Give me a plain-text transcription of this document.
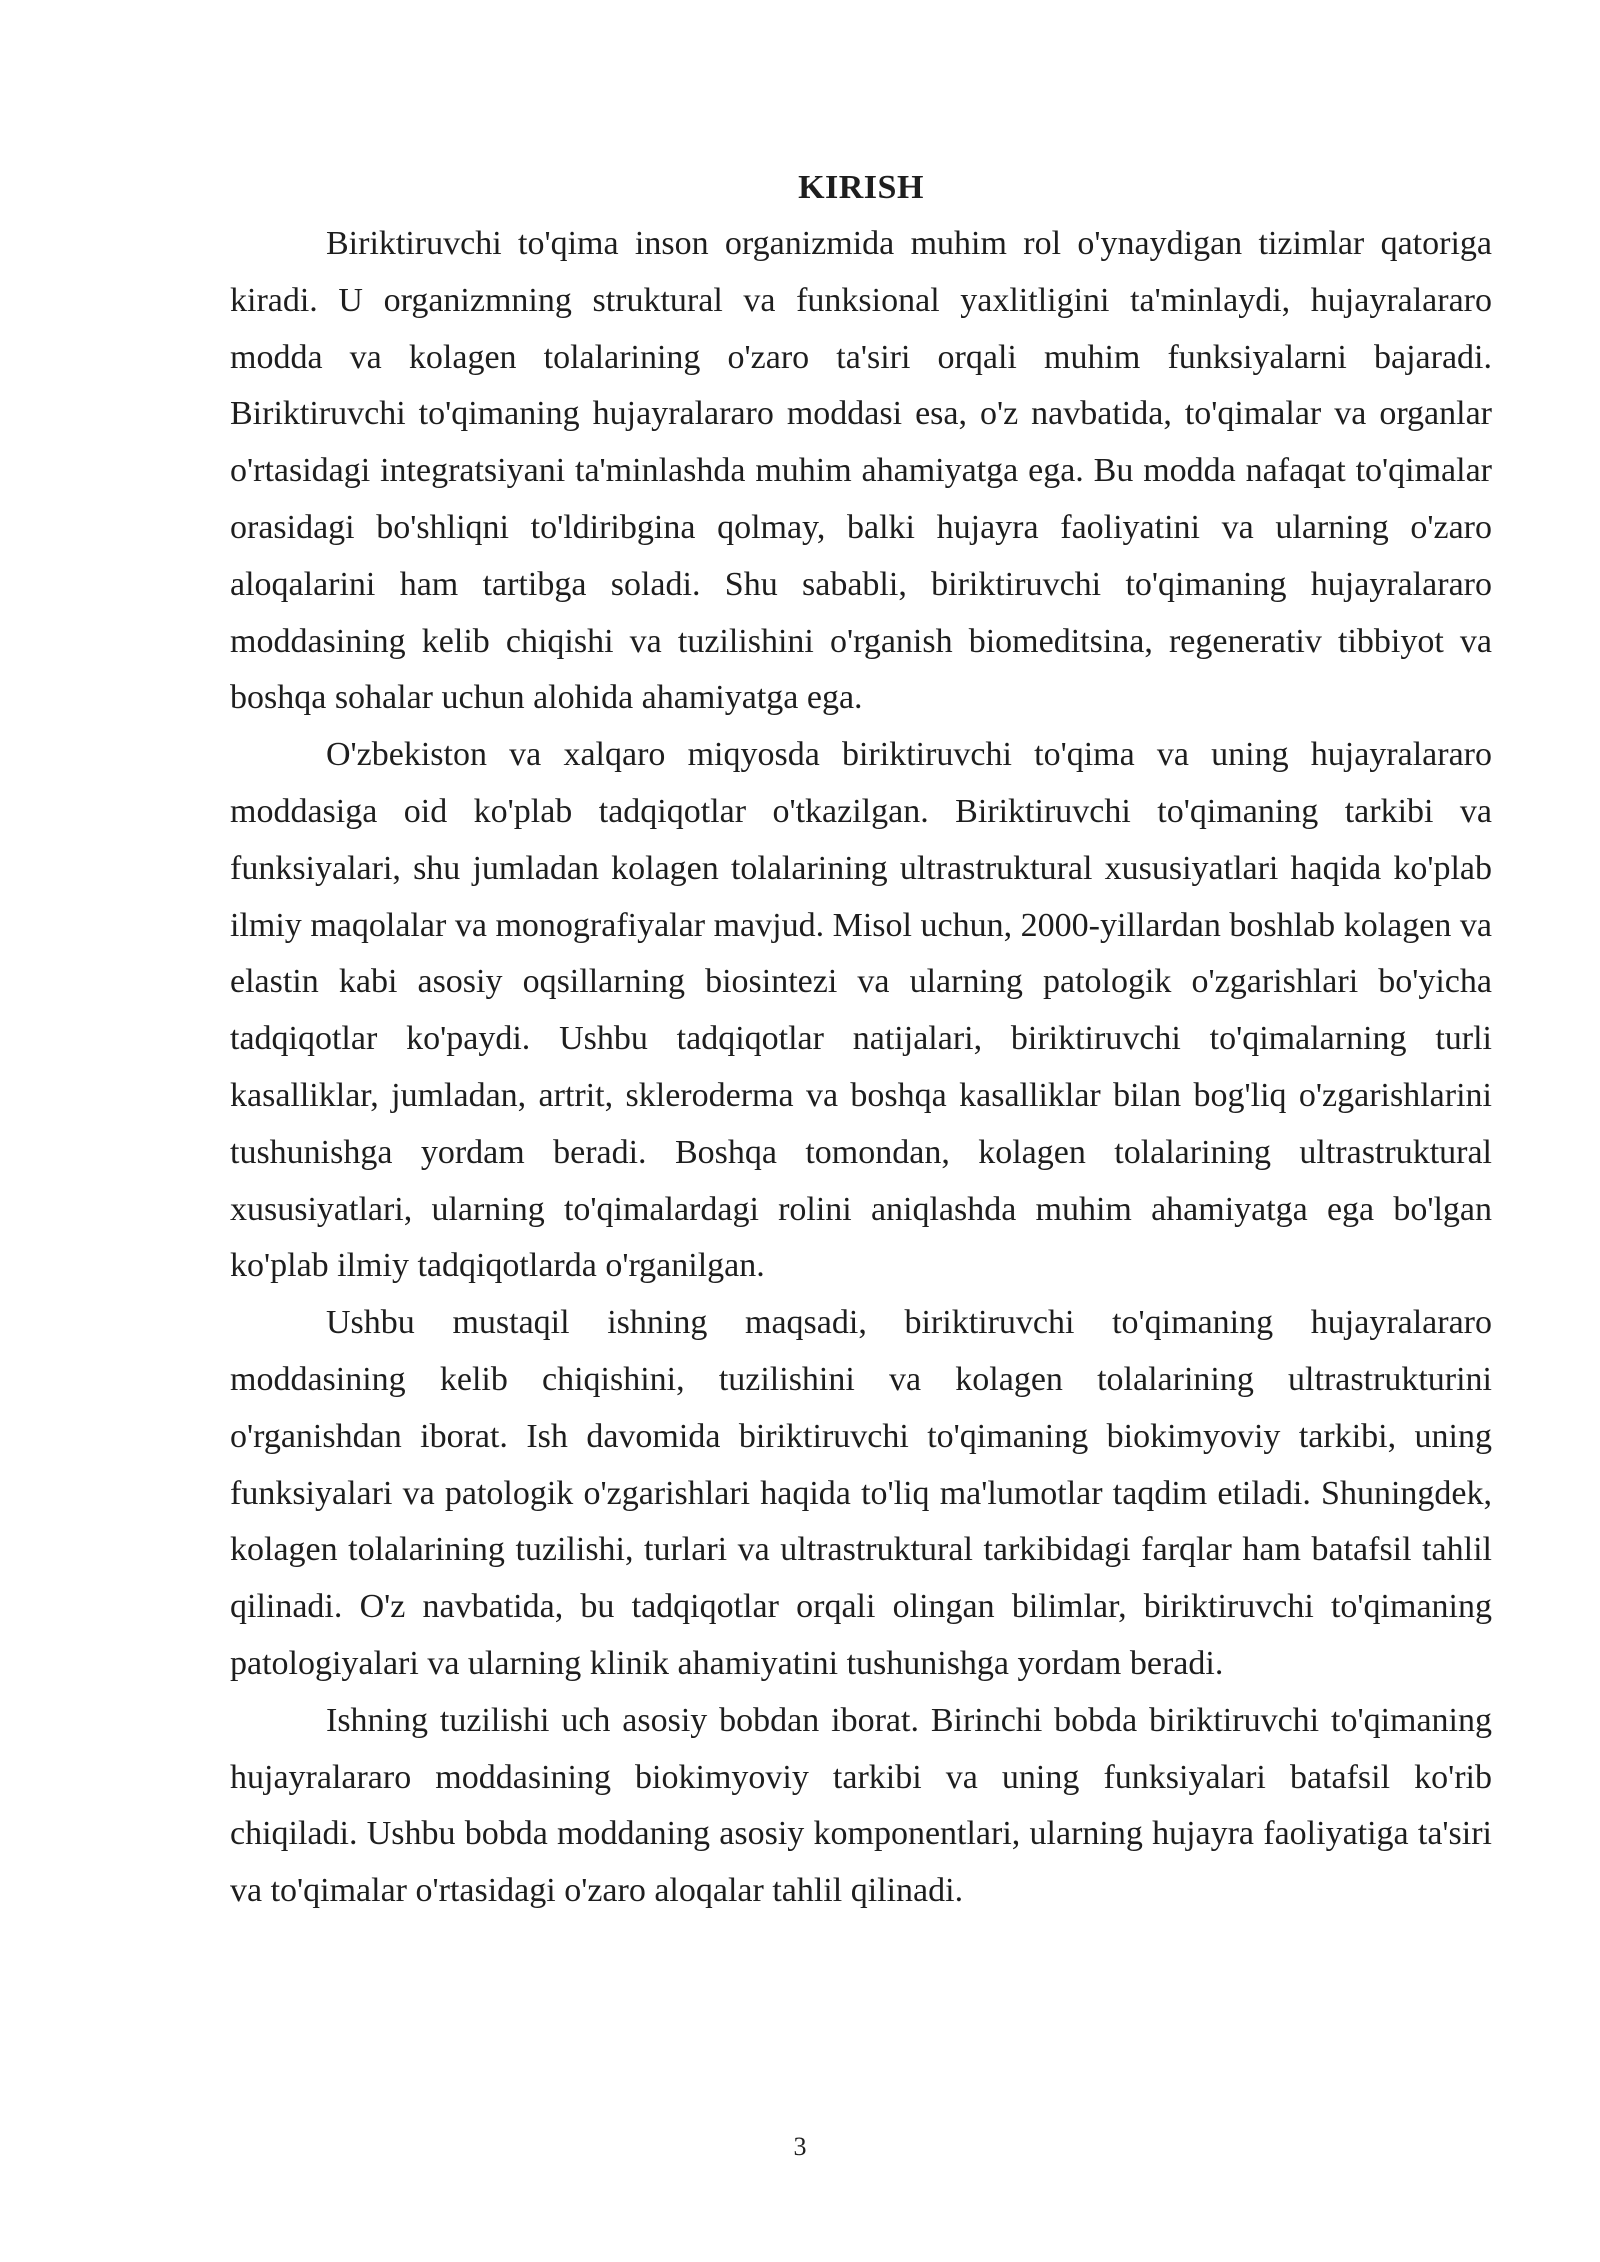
KIRISH

Biriktiruvchi to'qima inson organizmida muhim rol o'ynaydigan tizimlar qatoriga kiradi. U organizmning struktural va funksional yaxlitligini ta'minlaydi, hujayralararo modda va kolagen tolalarining o'zaro ta'siri orqali muhim funksiyalarni bajaradi. Biriktiruvchi to'qimaning hujayralararo moddasi esa, o'z navbatida, to'qimalar va organlar o'rtasidagi integratsiyani ta'minlashda muhim ahamiyatga ega. Bu modda nafaqat to'qimalar orasidagi bo'shliqni to'ldiribgina qolmay, balki hujayra faoliyatini va ularning o'zaro aloqalarini ham tartibga soladi. Shu sababli, biriktiruvchi to'qimaning hujayralararo moddasining kelib chiqishi va tuzilishini o'rganish biomeditsina, regenerativ tibbiyot va boshqa sohalar uchun alohida ahamiyatga ega.

O'zbekiston va xalqaro miqyosda biriktiruvchi to'qima va uning hujayralararo moddasiga oid ko'plab tadqiqotlar o'tkazilgan. Biriktiruvchi to'qimaning tarkibi va funksiyalari, shu jumladan kolagen tolalarining ultrastruktural xususiyatlari haqida ko'plab ilmiy maqolalar va monografiyalar mavjud. Misol uchun, 2000-yillardan boshlab kolagen va elastin kabi asosiy oqsillarning biosintezi va ularning patologik o'zgarishlari bo'yicha tadqiqotlar ko'paydi. Ushbu tadqiqotlar natijalari, biriktiruvchi to'qimalarning turli kasalliklar, jumladan, artrit, skleroderma va boshqa kasalliklar bilan bog'liq o'zgarishlarini tushunishga yordam beradi. Boshqa tomondan, kolagen tolalarining ultrastruktural xususiyatlari, ularning to'qimalardagi rolini aniqlashda muhim ahamiyatga ega bo'lgan ko'plab ilmiy tadqiqotlarda o'rganilgan.

Ushbu mustaqil ishning maqsadi, biriktiruvchi to'qimaning hujayralararo moddasining kelib chiqishini, tuzilishini va kolagen tolalarining ultrastrukturini o'rganishdan iborat. Ish davomida biriktiruvchi to'qimaning biokimyoviy tarkibi, uning funksiyalari va patologik o'zgarishlari haqida to'liq ma'lumotlar taqdim etiladi. Shuningdek, kolagen tolalarining tuzilishi, turlari va ultrastruktural tarkibidagi farqlar ham batafsil tahlil qilinadi. O'z navbatida, bu tadqiqotlar orqali olingan bilimlar, biriktiruvchi to'qimaning patologiyalari va ularning klinik ahamiyatini tushunishga yordam beradi.

Ishning tuzilishi uch asosiy bobdan iborat. Birinchi bobda biriktiruvchi to'qimaning hujayralararo moddasining biokimyoviy tarkibi va uning funksiyalari batafsil ko'rib chiqiladi. Ushbu bobda moddaning asosiy komponentlari, ularning hujayra faoliyatiga ta'siri va to'qimalar o'rtasidagi o'zaro aloqalar tahlil qilinadi.

3
